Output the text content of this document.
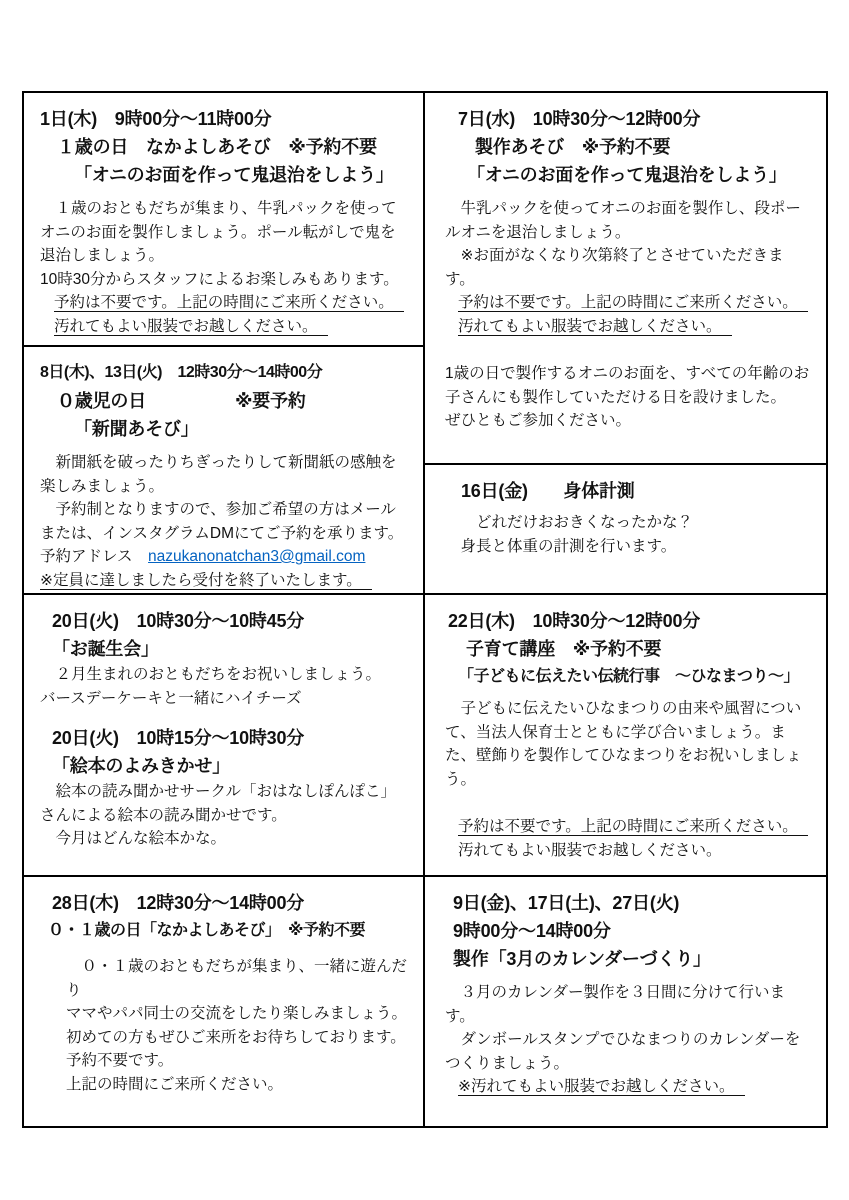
1日(木)　9時00分～11時00分
１歳の日　なかよしあそび　※予約不要
「オニのお面を作って鬼退治をしよう」
　１歳のおともだちが集まり、牛乳パックを使ってオニのお面を製作しましょう。ポール転がしで鬼を退治しましょう。
10時30分からスタッフによるお楽しみもあります。
予約は不要です。上記の時間にご来所ください。
汚れてもよい服装でお越しください。
8日(木)、13日(火)　12時30分～14時00分
０歳児の日　　　　　※要予約
「新聞あそび」
　新聞紙を破ったりちぎったりして新聞紙の感触を楽しみましょう。
　予約制となりますので、参加ご希望の方はメールまたは、インスタグラムDMにてご予約を承ります。
予約アドレス　nazukanonatchan3@gmail.com
※定員に達しましたら受付を終了いたします。
20日(火)　10時30分～10時45分
「お誕生会」
　２月生まれのおともだちをお祝いしましょう。
バースデーケーキと一緒にハイチーズ
20日(火)　10時15分～10時30分
「絵本のよみきかせ」
　絵本の読み聞かせサークル「おはなしぽんぽこ」さんによる絵本の読み聞かせです。
　今月はどんな絵本かな。
28日(木)　12時30分～14時00分
０・１歳の日「なかよしあそび」　※予約不要
　０・１歳のおともだちが集まり、一緒に遊んだり
ママやパパ同士の交流をしたり楽しみましょう。
初めての方もぜひご来所をお待ちしております。
予約不要です。
上記の時間にご来所ください。
7日(水)　10時30分～12時00分
製作あそび　※予約不要
「オニのお面を作って鬼退治をしよう」
　牛乳パックを使ってオニのお面を製作し、段ポールオニを退治しましょう。
　※お面がなくなり次第終了とさせていただきます。
予約は不要です。上記の時間にご来所ください。
汚れてもよい服装でお越しください。
1歳の日で製作するオニのお面を、すべての年齢のお子さんにも製作していただける日を設けました。
ぜひともご参加ください。
16日(金)　　身体計測
　　どれだけおおきくなったかな？
　身長と体重の計測を行います。
22日(木)　10時30分～12時00分
子育て講座　※予約不要
「子どもに伝えたい伝統行事　～ひなまつり～」
　子どもに伝えたいひなまつりの由来や風習について、当法人保育士とともに学び合いましょう。また、壁飾りを製作してひなまつりをお祝いしましょう。
予約は不要です。上記の時間にご来所ください。
汚れてもよい服装でお越しください。
9日(金)、17日(土)、27日(火)
9時00分～14時00分
製作「3月のカレンダーづくり」
　３月のカレンダー製作を３日間に分けて行います。
　ダンボールスタンプでひなまつりのカレンダーをつくりましょう。
※汚れてもよい服装でお越しください。
